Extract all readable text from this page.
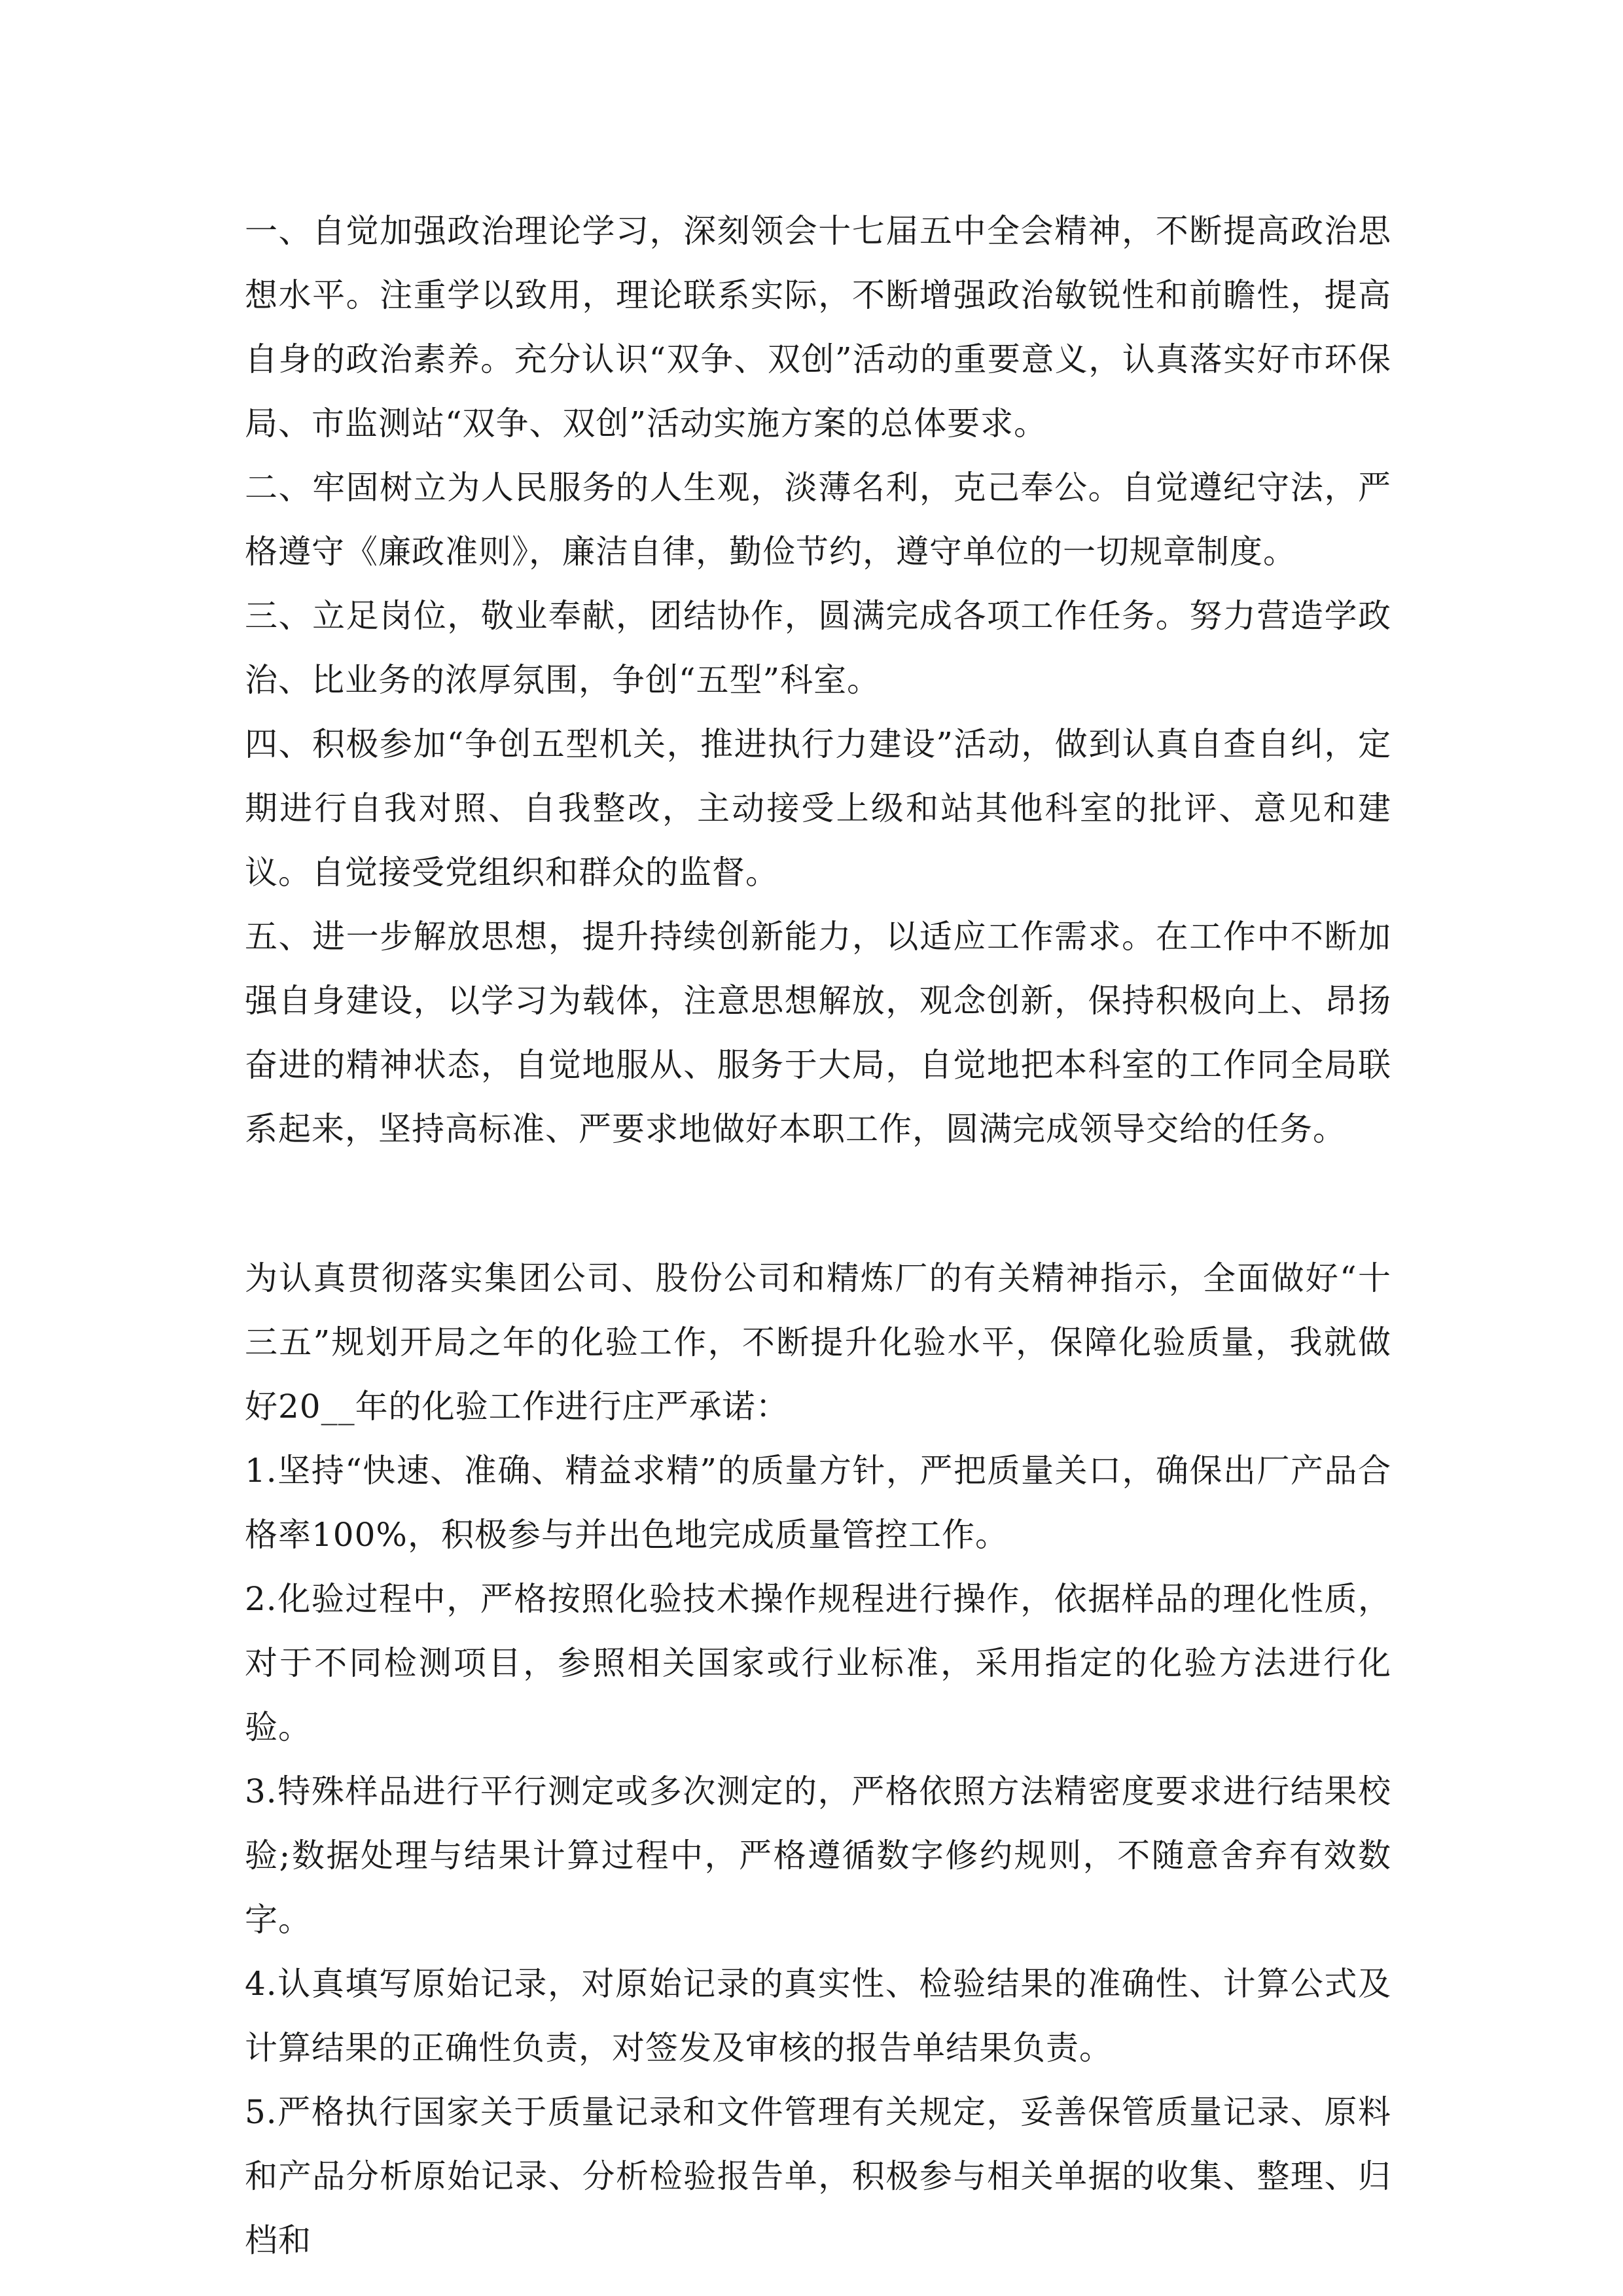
一、自觉加强政治理论学习，深刻领会十七届五中全会精神，不断提高政治思想水平。注重学以致用，理论联系实际，不断增强政治敏锐性和前瞻性，提高自身的政治素养。充分认识“双争、双创”活动的重要意义，认真落实好市环保局、市监测站“双争、双创”活动实施方案的总体要求。

二、牢固树立为人民服务的人生观，淡薄名利，克己奉公。自觉遵纪守法，严格遵守《廉政准则》，廉洁自律，勤俭节约，遵守单位的一切规章制度。

三、立足岗位，敬业奉献，团结协作，圆满完成各项工作任务。努力营造学政治、比业务的浓厚氛围，争创“五型”科室。

四、积极参加“争创五型机关，推进执行力建设”活动，做到认真自查自纠，定期进行自我对照、自我整改，主动接受上级和站其他科室的批评、意见和建议。自觉接受党组织和群众的监督。

五、进一步解放思想，提升持续创新能力，以适应工作需求。在工作中不断加强自身建设，以学习为载体，注意思想解放，观念创新，保持积极向上、昂扬奋进的精神状态，自觉地服从、服务于大局，自觉地把本科室的工作同全局联系起来，坚持高标准、严要求地做好本职工作，圆满完成领导交给的任务。

为认真贯彻落实集团公司、股份公司和精炼厂的有关精神指示，全面做好“十三五”规划开局之年的化验工作，不断提升化验水平，保障化验质量，我就做好20__年的化验工作进行庄严承诺：

1.坚持“快速、准确、精益求精”的质量方针，严把质量关口，确保出厂产品合格率100%，积极参与并出色地完成质量管控工作。

2.化验过程中，严格按照化验技术操作规程进行操作，依据样品的理化性质，对于不同检测项目，参照相关国家或行业标准，采用指定的化验方法进行化验。

3.特殊样品进行平行测定或多次测定的，严格依照方法精密度要求进行结果校验;数据处理与结果计算过程中，严格遵循数字修约规则，不随意舍弃有效数字。

4.认真填写原始记录，对原始记录的真实性、检验结果的准确性、计算公式及计算结果的正确性负责，对签发及审核的报告单结果负责。

5.严格执行国家关于质量记录和文件管理有关规定，妥善保管质量记录、原料和产品分析原始记录、分析检验报告单，积极参与相关单据的收集、整理、归档和
